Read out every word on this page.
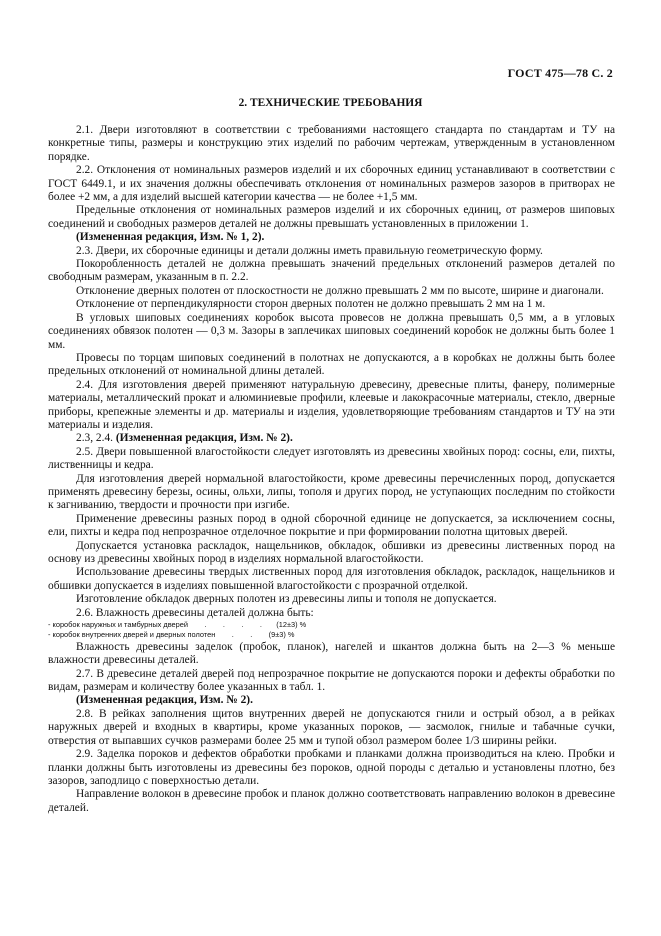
ГОСТ 475—78 С. 2
2. ТЕХНИЧЕСКИЕ ТРЕБОВАНИЯ

2.1. Двери изготовляют в соответствии с требованиями настоящего стандарта по стандартам и ТУ на конкретные типы, размеры и конструкцию этих изделий по рабочим чертежам, утвержденным в установленном порядке.

2.2. Отклонения от номинальных размеров изделий и их сборочных единиц устанавливают в соответствии с ГОСТ 6449.1, и их значения должны обеспечивать отклонения от номинальных размеров зазоров в притворах не более +2 мм, а для изделий высшей категории качества — не более +1,5 мм.

Предельные отклонения от номинальных размеров изделий и их сборочных единиц, от размеров шиповых соединений и свободных размеров деталей не должны превышать установленных в приложении 1.

(Измененная редакция, Изм. № 1, 2).

2.3. Двери, их сборочные единицы и детали должны иметь правильную геометрическую форму.

Покоробленность деталей не должна превышать значений предельных отклонений размеров деталей по свободным размерам, указанным в п. 2.2.

Отклонение дверных полотен от плоскостности не должно превышать 2 мм по высоте, ширине и диагонали.

Отклонение от перпендикулярности сторон дверных полотен не должно превышать 2 мм на 1 м.

В угловых шиповых соединениях коробок высота провесов не должна превышать 0,5 мм, а в угловых соединениях обвязок полотен — 0,3 м. Зазоры в заплечиках шиповых соединений коробок не должны быть более 1 мм.

Провесы по торцам шиповых соединений в полотнах не допускаются, а в коробках не должны быть более предельных отклонений от номинальной длины деталей.

2.4. Для изготовления дверей применяют натуральную древесину, древесные плиты, фанеру, полимерные материалы, металлический прокат и алюминиевые профили, клеевые и лакокрасочные материалы, стекло, дверные приборы, крепежные элементы и др. материалы и изделия, удовлетворяющие требованиям стандартов и ТУ на эти материалы и изделия.

2.3, 2.4. (Измененная редакция, Изм. № 2).

2.5. Двери повышенной влагостойкости следует изготовлять из древесины хвойных пород: сосны, ели, пихты, лиственницы и кедра.

Для изготовления дверей нормальной влагостойкости, кроме древесины перечисленных пород, допускается применять древесину березы, осины, ольхи, липы, тополя и других пород, не уступающих последним по стойкости к загниванию, твердости и прочности при изгибе.

Применение древесины разных пород в одной сборочной единице не допускается, за исключением сосны, ели, пихты и кедра под непрозрачное отделочное покрытие и при формировании полотна щитовых дверей.

Допускается установка раскладок, нащельников, обкладок, обшивки из древесины лиственных пород на основу из древесины хвойных пород в изделиях нормальной влагостойкости.

Использование древесины твердых лиственных пород для изготовления обкладок, раскладок, нащельников и обшивки допускается в изделиях повышенной влагостойкости с прозрачной отделкой.

Изготовление обкладок дверных полотен из древесины липы и тополя не допускается.

2.6. Влажность древесины деталей должна быть:

- коробок наружных и тамбурных дверей        .        .        .        .       (12±3) %

- коробок внутренних дверей и дверных полотен        .        .        (9±3) %

Влажность древесины заделок (пробок, планок), нагелей и шкантов должна быть на 2—3 % меньше влажности древесины деталей.

2.7. В древесине деталей дверей под непрозрачное покрытие не допускаются пороки и дефекты обработки по видам, размерам и количеству более указанных в табл. 1.

(Измененная редакция, Изм. № 2).

2.8. В рейках заполнения щитов внутренних дверей не допускаются гнили и острый обзол, а в рейках наружных дверей и входных в квартиры, кроме указанных пороков, — засмолок, гнилые и табачные сучки, отверстия от выпавших сучков размерами более 25 мм и тупой обзол размером более 1/3 ширины рейки.

2.9. Заделка пороков и дефектов обработки пробками и планками должна производиться на клею. Пробки и планки должны быть изготовлены из древесины без пороков, одной породы с деталью и установлены плотно, без зазоров, заподлицо с поверхностью детали.

Направление волокон в древесине пробок и планок должно соответствовать направлению волокон в древесине деталей.
